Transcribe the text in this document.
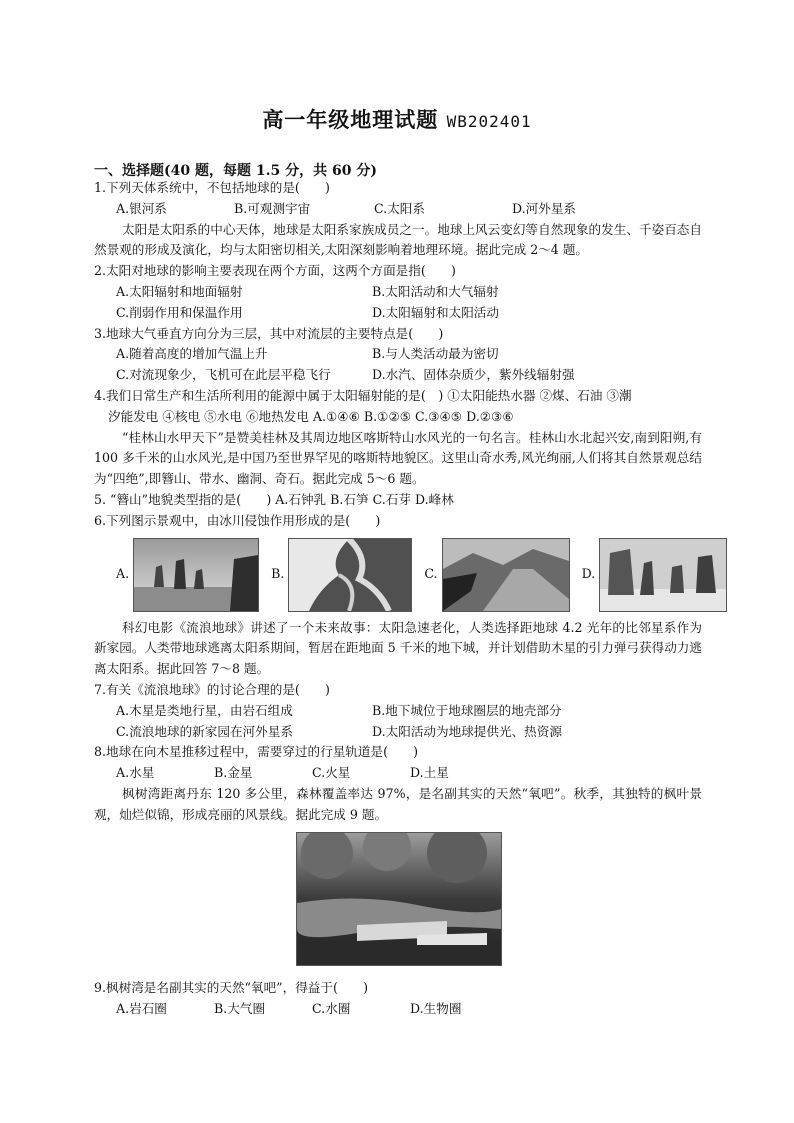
高一年级地理试题 WB202401
一、选择题(40 题，每题 1.5 分，共 60 分)
1.下列天体系统中，不包括地球的是(　　)
A.银河系	B.可观测宇宙	C.太阳系	D.河外星系
太阳是太阳系的中心天体，地球是太阳系家族成员之一。地球上风云变幻等自然现象的发生、千姿百态自然景观的形成及演化，均与太阳密切相关,太阳深刻影响着地理环境。据此完成 2～4 题。
2.太阳对地球的影响主要表现在两个方面，这两个方面是指(　　)
A.太阳辐射和地面辐射	B.太阳活动和大气辐射
C.削弱作用和保温作用	D.太阳辐射和太阳活动
3.地球大气垂直方向分为三层，其中对流层的主要特点是(　　)
A.随着高度的增加气温上升	B.与人类活动最为密切
C.对流现象少，飞机可在此层平稳飞行	D.水汽、固体杂质少，紫外线辐射强
4.我们日常生产和生活所利用的能源中属于太阳辐射能的是(　) ①太阳能热水器 ②煤、石油 ③潮
汐能发电 ④核电 ⑤水电 ⑥地热发电 A.①④⑥ B.①②⑤ C.③④⑤ D.②③⑥
“桂林山水甲天下”是赞美桂林及其周边地区喀斯特山水风光的一句名言。桂林山水北起兴安,南到阳朔,有 100 多千米的山水风光,是中国乃至世界罕见的喀斯特地貌区。这里山奇水秀,风光绚丽,人们将其自然景观总结为“四绝”,即簪山、带水、幽洞、奇石。据此完成 5～6 题。
5. “簪山”地貌类型指的是(　　) A.石钟乳 B.石笋 C.石芽 D.峰林
6.下列图示景观中，由冰川侵蚀作用形成的是(　　)
A.	B.	C.	D.
科幻电影《流浪地球》讲述了一个未来故事：太阳急速老化，人类选择距地球 4.2 光年的比邻星系作为新家园。人类带地球逃离太阳系期间，暂居在距地面 5 千米的地下城，并计划借助木星的引力弹弓获得动力逃离太阳系。据此回答 7～8 题。
7.有关《流浪地球》的讨论合理的是(　　)
A.木星是类地行星，由岩石组成	B.地下城位于地球圈层的地壳部分
C.流浪地球的新家园在河外星系	D.太阳活动为地球提供光、热资源
8.地球在向木星推移过程中，需要穿过的行星轨道是(　　)
A.水星	B.金星	C.火星	D.土星
枫树湾距离丹东 120 多公里，森林覆盖率达 97%，是名副其实的天然“氧吧”。秋季，其独特的枫叶景观，灿烂似锦，形成亮丽的风景线。据此完成 9 题。
9.枫树湾是名副其实的天然“氧吧”，得益于(　　)
A.岩石圈	B.大气圈	C.水圈	D.生物圈
